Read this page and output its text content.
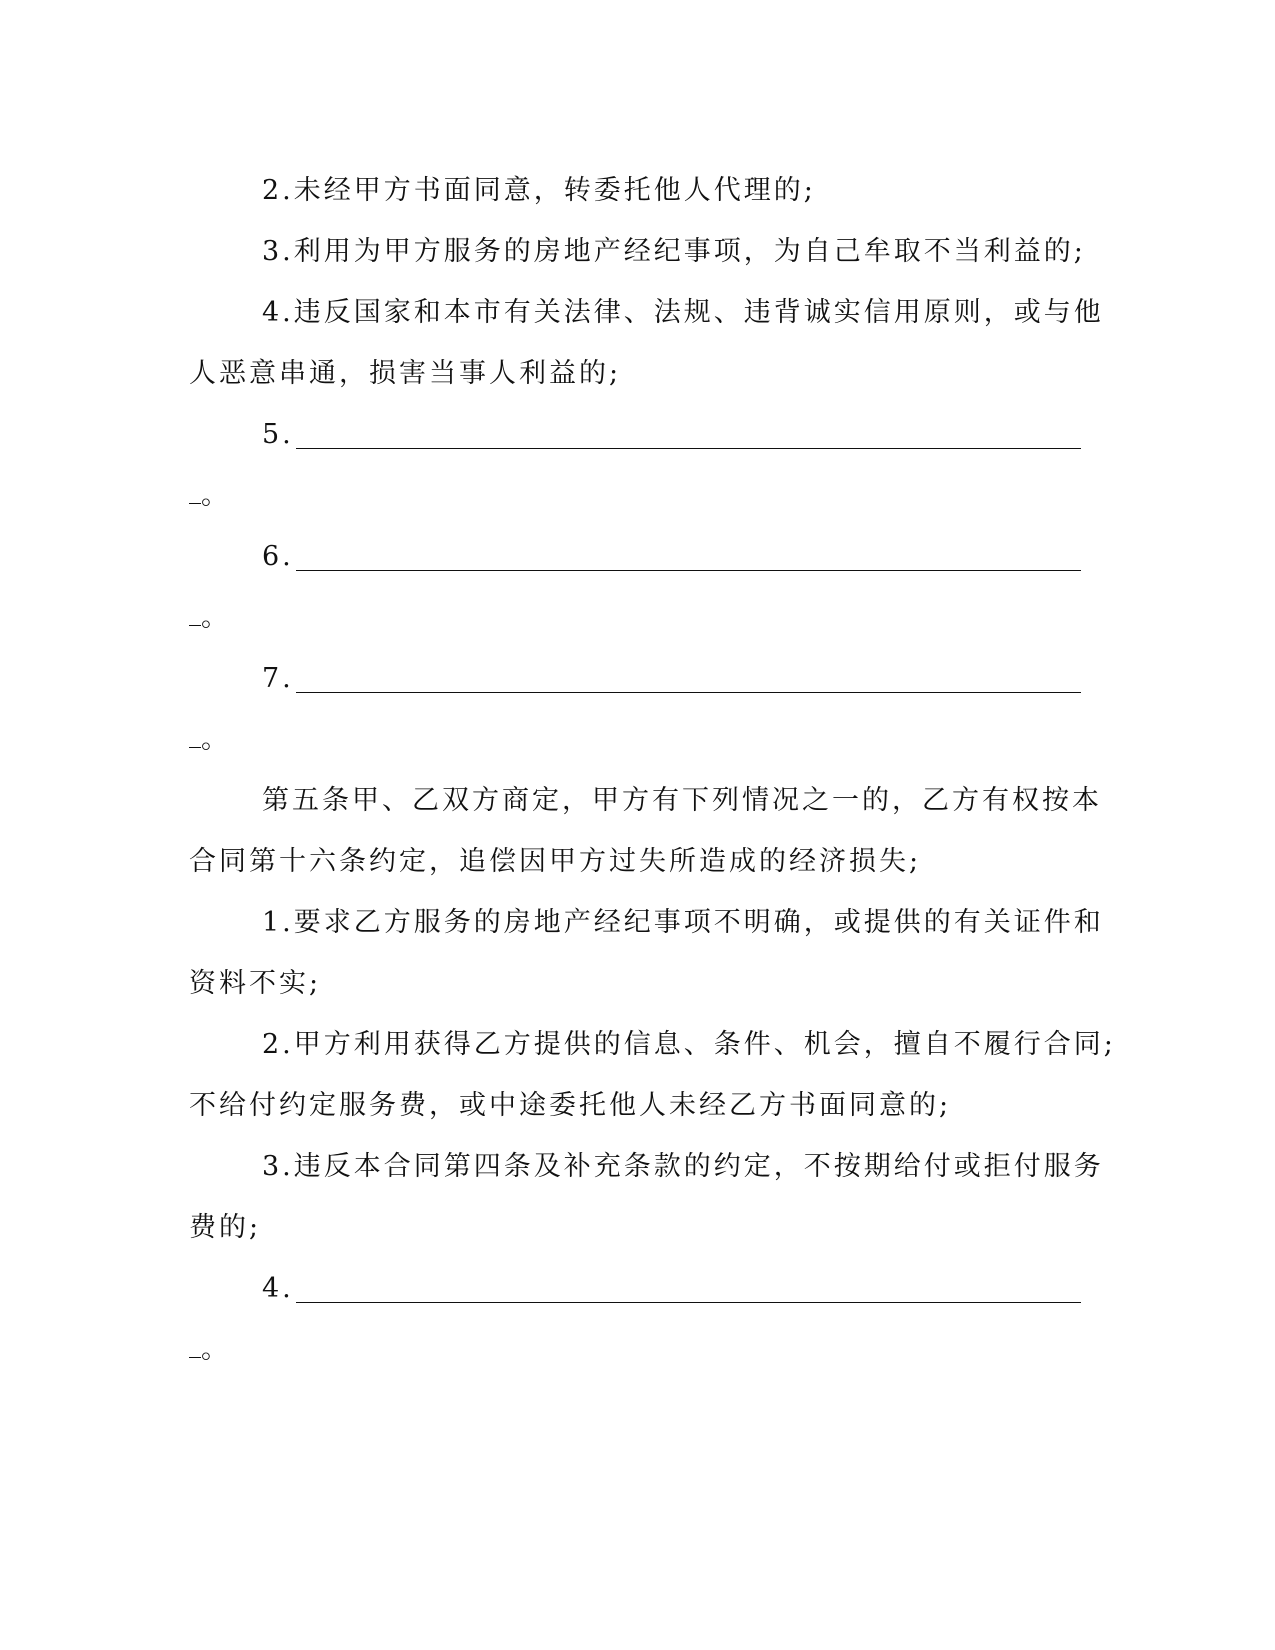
2.未经甲方书面同意，转委托他人代理的;
3.利用为甲方服务的房地产经纪事项，为自己牟取不当利益的;
4.违反国家和本市有关法律、法规、违背诚实信用原则，或与他
人恶意串通，损害当事人利益的;
5.
。
6.
。
7.
。
第五条甲、乙双方商定，甲方有下列情况之一的，乙方有权按本
合同第十六条约定，追偿因甲方过失所造成的经济损失;
1.要求乙方服务的房地产经纪事项不明确，或提供的有关证件和
资料不实;
2.甲方利用获得乙方提供的信息、条件、机会，擅自不履行合同;
不给付约定服务费，或中途委托他人未经乙方书面同意的;
3.违反本合同第四条及补充条款的约定，不按期给付或拒付服务
费的;
4.
。
